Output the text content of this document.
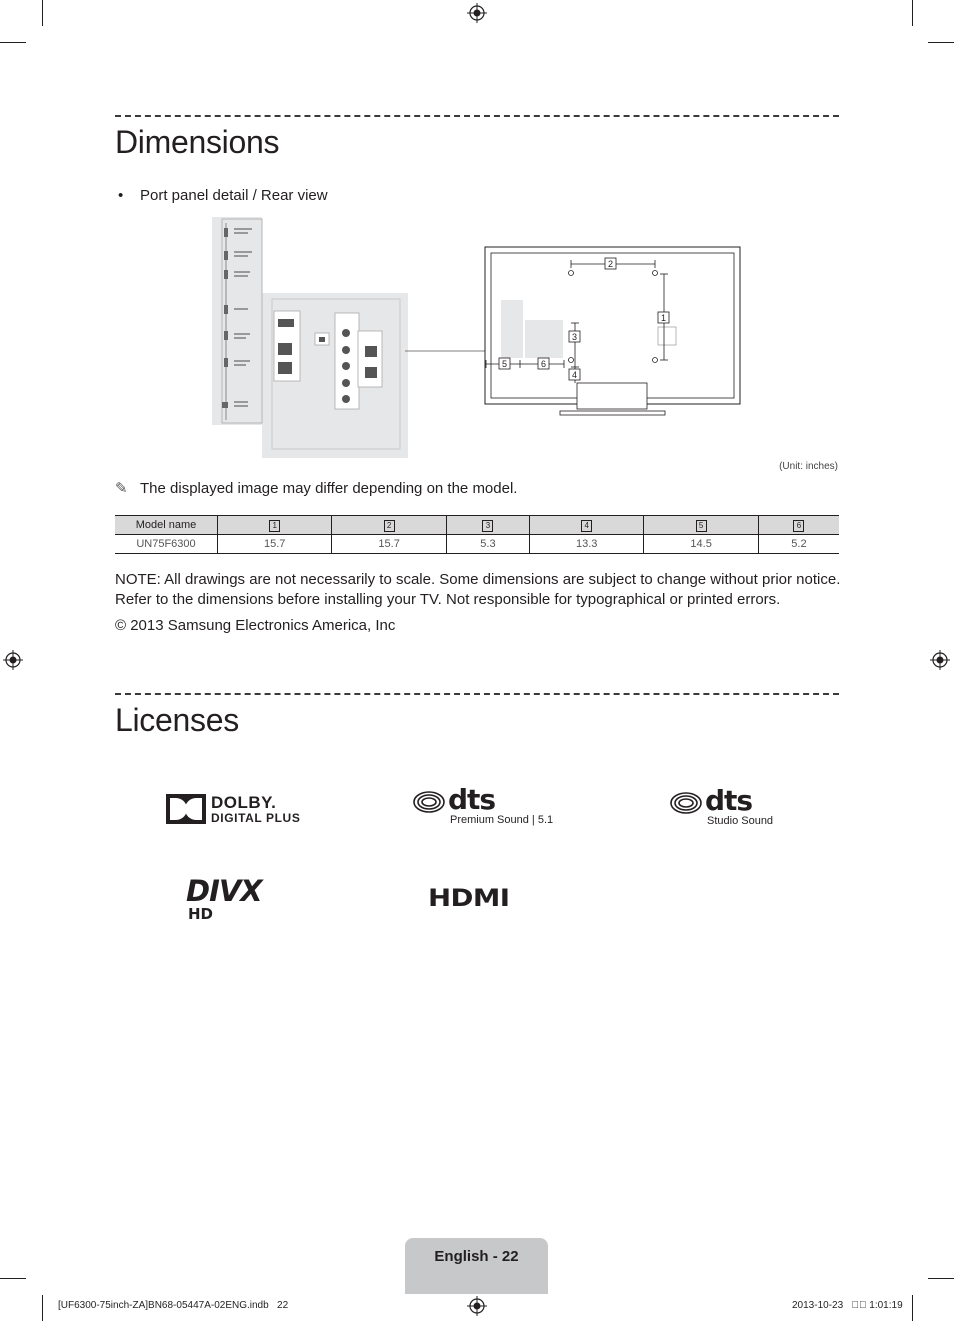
Dimensions
• Port panel detail / Rear view
2
1
3
4
5	6
(Unit: inches)
✎ The displayed image may differ depending on the model.
Model name	1	2	3	4	5	6
UN75F6300	15.7	15.7	5.3	13.3	14.5	5.2
NOTE: All drawings are not necessarily to scale. Some dimensions are subject to change without prior notice. Refer to the dimensions before installing your TV. Not responsible for typographical or printed errors.
© 2013 Samsung Electronics America, Inc
Licenses
DOLBY.
DIGITAL PLUS
dts
Premium Sound | 5.1
dts
Studio Sound
DIVX
HD
HDMI
English - 22
[UF6300-75inch-ZA]BN68-05447A-02ENG.indb   22	2013-10-23   ￿￿ 1:01:19
